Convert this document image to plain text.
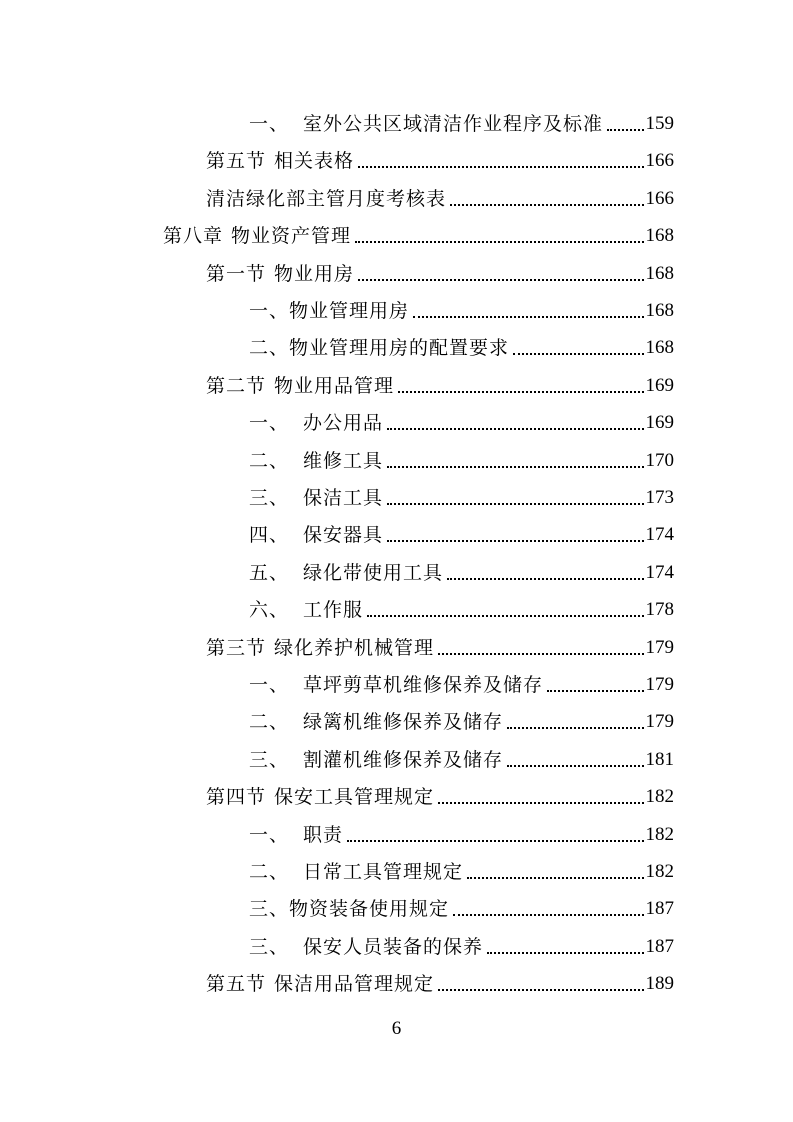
一、 室外公共区域清洁作业程序及标准 159
第五节 相关表格	166
清洁绿化部主管月度考核表	166
第八章 物业资产管理	168
第一节 物业用房	168
一、物业管理用房	168
二、物业管理用房的配置要求	168
第二节 物业用品管理	169
一、 办公用品	169
二、 维修工具	170
三、 保洁工具	173
四、 保安器具	174
五、 绿化带使用工具	174
六、 工作服	178
第三节 绿化养护机械管理	179
一、 草坪剪草机维修保养及储存	179
二、 绿篱机维修保养及储存	179
三、 割灌机维修保养及储存	181
第四节 保安工具管理规定	182
一、 职责	182
二、 日常工具管理规定	182
三、物资装备使用规定	187
三、 保安人员装备的保养	187
第五节 保洁用品管理规定	189
6
